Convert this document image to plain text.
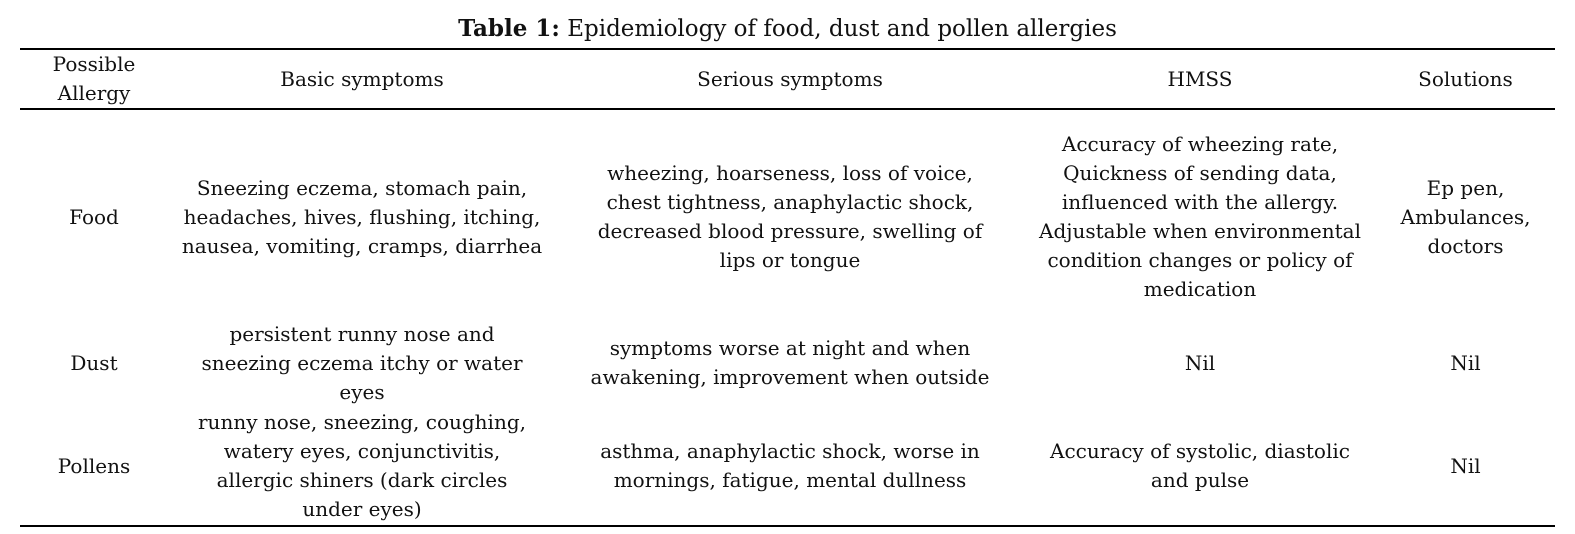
Table 1: Epidemiology of food, dust and pollen allergies
Possible Allergy	Basic symptoms	Serious symptoms	HMSS	Solutions
Food	Sneezing eczema, stomach pain, headaches, hives, flushing, itching, nausea, vomiting, cramps, diarrhea	wheezing, hoarseness, loss of voice, chest tightness, anaphylactic shock, decreased blood pressure, swelling of lips or tongue	Accuracy of wheezing rate, Quickness of sending data, influenced with the allergy. Adjustable when environmental condition changes or policy of medication	Ep pen, Ambulances, doctors
Dust	persistent runny nose and sneezing eczema itchy or water eyes	symptoms worse at night and when awakening, improvement when outside	Nil	Nil
Pollens	runny nose, sneezing, coughing, watery eyes, conjunctivitis, allergic shiners (dark circles under eyes)	asthma, anaphylactic shock, worse in mornings, fatigue, mental dullness	Accuracy of systolic, diastolic and pulse	Nil
